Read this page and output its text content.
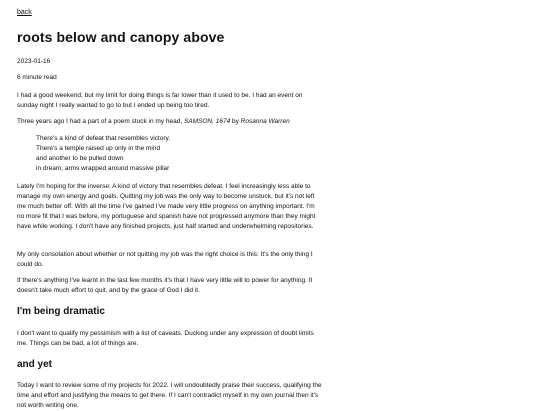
back
roots below and canopy above
2023-01-16
6 minute read

I had a good weekend, but my limit for doing things is far lower than it used to be. I had an event on sunday night I really wanted to go to but I ended up being too tired.

Three years ago I had a part of a poem stuck in my head, SAMSON, 1674 by Rosanna Warren

There's a kind of defeat that resembles victory.
There's a temple raised up only in the mind
and another to be pulled down
in dream, arms wrapped around massive pillar

Lately I'm hoping for the inverse: A kind of victory that resembles defeat. I feel increasingly less able to manage my own energy and goals. Quitting my job was the only way to become unstuck, but it's not left me much better off. With all the time I've gained I've made very little progress on anything important. I'm no more fit that I was before, my portuguese and spanish have not progressed anymore than they might have while working. I don't have any finished projects, just half started and underwhelming repositories.

My only consolation about whether or not quitting my job was the right choice is this: It's the only thing I could do.

If there's anything I've learnt in the last few months it's that I have very little will to power for anything. It doesn't take much effort to quit, and by the grace of God I did it.

I'm being dramatic

I don't want to qualify my pessimism with a list of caveats. Ducking under any expression of doubt limits me. Things can be bad, a lot of things are.

and yet

Today I want to review some of my projects for 2022. I will undoubtedly praise their success, qualifying the time and effort and justifying the means to get there. If I can't contradict myself in my own journal then it's not worth writing one.
